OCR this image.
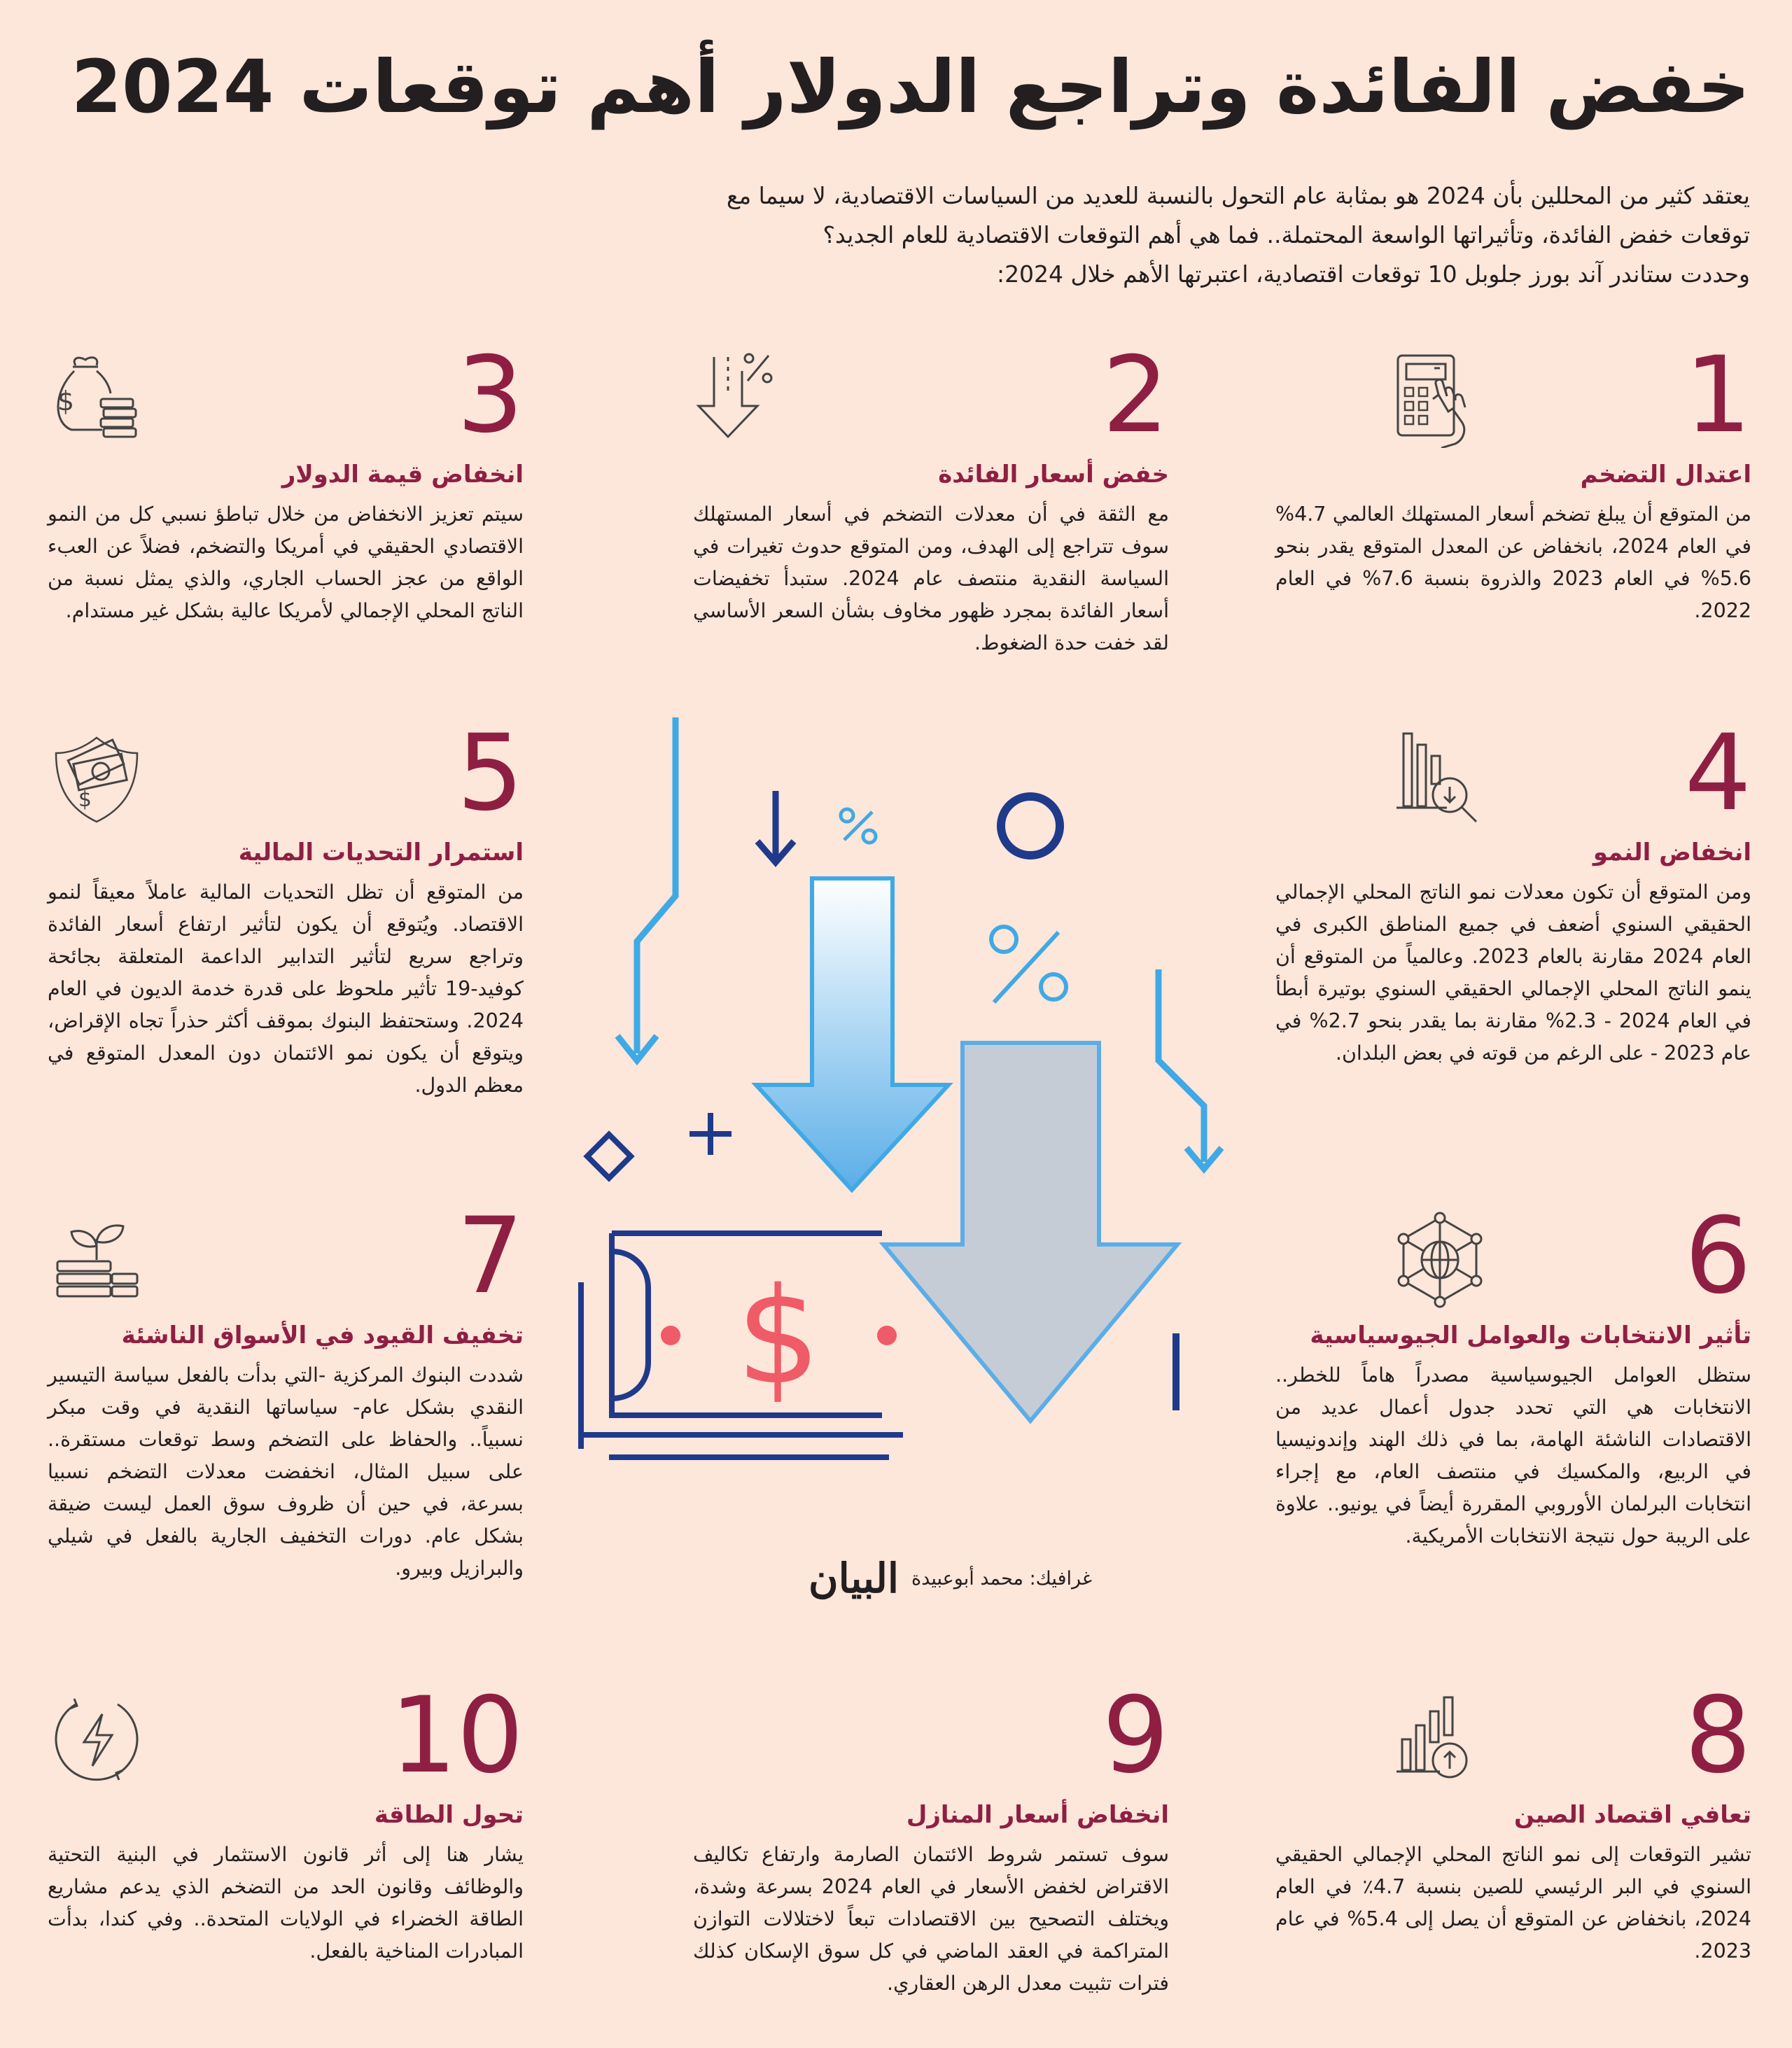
خفض الفائدة وتراجع الدولار أهم توقعات 2024

يعتقد كثير من المحللين بأن 2024 هو بمثابة عام التحول بالنسبة للعديد من السياسات الاقتصادية، لا سيما مع

توقعات خفض الفائدة، وتأثيراتها الواسعة المحتملة.. فما هي أهم التوقعات الاقتصادية للعام الجديد؟

وحددت ستاندر آند بورز جلوبل 10 توقعات اقتصادية، اعتبرتها الأهم خلال 2024:

1
اعتدال التضخم
من المتوقع أن يبلغ تضخم أسعار المستهلك العالمي 4.7% في العام 2024، بانخفاض عن المعدل المتوقع يقدر بنحو 5.6% في العام 2023 والذروة بنسبة 7.6% في العام 2022.
2
خفض أسعار الفائدة
مع الثقة في أن معدلات التضخم في أسعار المستهلك سوف تتراجع إلى الهدف، ومن المتوقع حدوث تغيرات في السياسة النقدية منتصف عام 2024. ستبدأ تخفيضات أسعار الفائدة بمجرد ظهور مخاوف بشأن السعر الأساسي لقد خفت حدة الضغوط.
3
$
انخفاض قيمة الدولار
سيتم تعزيز الانخفاض من خلال تباطؤ نسبي كل من النمو الاقتصادي الحقيقي في أمريكا والتضخم، فضلاً عن العبء الواقع من عجز الحساب الجاري، والذي يمثل نسبة من الناتج المحلي الإجمالي لأمريكا عالية بشكل غير مستدام.
4
انخفاض النمو
ومن المتوقع أن تكون معدلات نمو الناتج المحلي الإجمالي الحقيقي السنوي أضعف في جميع المناطق الكبرى في العام 2024 مقارنة بالعام 2023. وعالمياً من المتوقع أن ينمو الناتج المحلي الإجمالي الحقيقي السنوي بوتيرة أبطأ في العام 2024 - 2.3% مقارنة بما يقدر بنحو 2.7% في عام 2023 - على الرغم من قوته في بعض البلدان.
5
$
استمرار التحديات المالية
من المتوقع أن تظل التحديات المالية عاملاً معيقاً لنمو الاقتصاد. ويُتوقع أن يكون لتأثير ارتفاع أسعار الفائدة وتراجع سريع لتأثير التدابير الداعمة المتعلقة بجائحة كوفيد-19 تأثير ملحوظ على قدرة خدمة الديون في العام 2024. وستحتفظ البنوك بموقف أكثر حذراً تجاه الإقراض، ويتوقع أن يكون نمو الائتمان دون المعدل المتوقع في معظم الدول.
6
تأثير الانتخابات والعوامل الجيوسياسية
ستظل العوامل الجيوسياسية مصدراً هاماً للخطر.. الانتخابات هي التي تحدد جدول أعمال عديد من الاقتصادات الناشئة الهامة، بما في ذلك الهند وإندونيسيا في الربيع، والمكسيك في منتصف العام، مع إجراء انتخابات البرلمان الأوروبي المقررة أيضاً في يونيو.. علاوة على الريبة حول نتيجة الانتخابات الأمريكية.
7
تخفيف القيود في الأسواق الناشئة
شددت البنوك المركزية -التي بدأت بالفعل سياسة التيسير النقدي بشكل عام- سياساتها النقدية في وقت مبكر نسبياً.. والحفاظ على التضخم وسط توقعات مستقرة.. على سبيل المثال، انخفضت معدلات التضخم نسبيا بسرعة، في حين أن ظروف سوق العمل ليست ضيقة بشكل عام. دورات التخفيف الجارية بالفعل في شيلي والبرازيل وبيرو.
8
تعافي اقتصاد الصين
تشير التوقعات إلى نمو الناتج المحلي الإجمالي الحقيقي السنوي في البر الرئيسي للصين بنسبة 4.7٪ في العام 2024، بانخفاض عن المتوقع أن يصل إلى 5.4% في عام 2023.
9
انخفاض أسعار المنازل
سوف تستمر شروط الائتمان الصارمة وارتفاع تكاليف الاقتراض لخفض الأسعار في العام 2024 بسرعة وشدة، ويختلف التصحيح بين الاقتصادات تبعاً لاختلالات التوازن المتراكمة في العقد الماضي في كل سوق الإسكان كذلك فترات تثبيت معدل الرهن العقاري.
10
تحول الطاقة
يشار هنا إلى أثر قانون الاستثمار في البنية التحتية والوظائف وقانون الحد من التضخم الذي يدعم مشاريع الطاقة الخضراء في الولايات المتحدة.. وفي كندا، بدأت المبادرات المناخية بالفعل.
$
غرافيك: محمد أبوعبيدة
البيان
